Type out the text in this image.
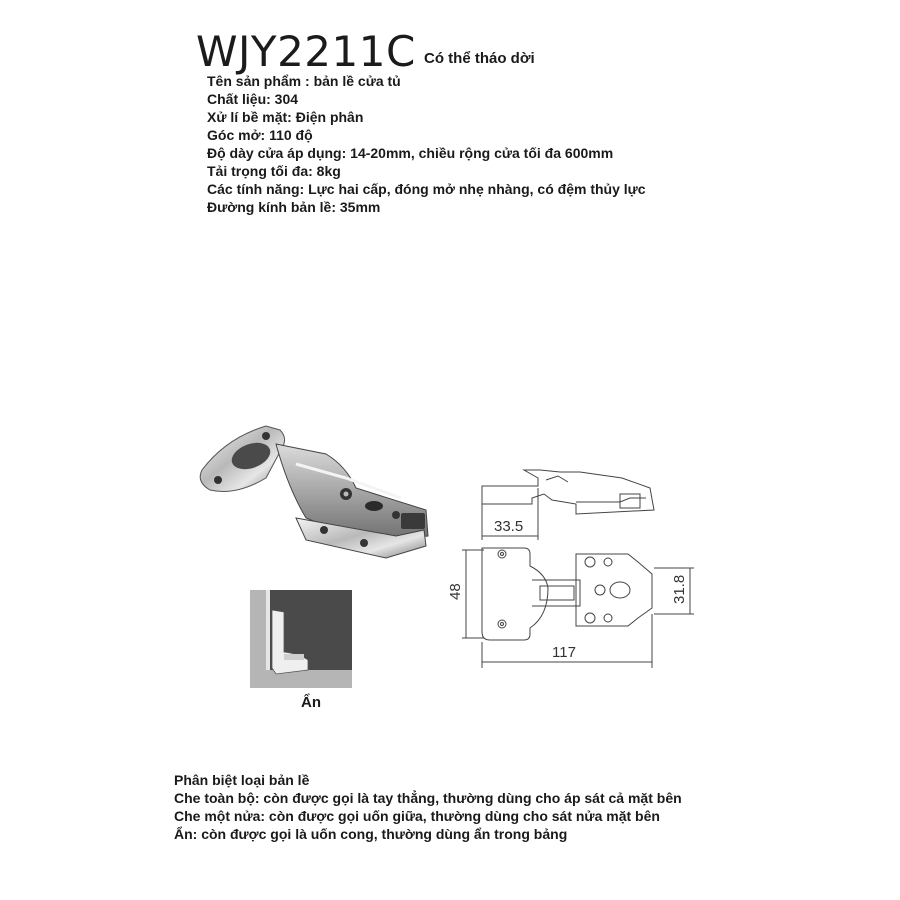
WJY2211C Có thể tháo dời
Tên sản phẩm : bản lề cửa tủ
Chất liệu: 304
Xử lí bề mặt: Điện phân
Góc mở: 110 độ
Độ dày cửa áp dụng: 14-20mm, chiều rộng cửa tối đa 600mm
Tải trọng tối đa: 8kg
Các tính năng: Lực hai cấp, đóng mở nhẹ nhàng, có đệm thủy lực
Đường kính bản lề: 35mm
33.5
48	31.8
117
Ẩn
Phân biệt loại bản lề
Che toàn bộ: còn được gọi là tay thẳng, thường dùng cho áp sát cả mặt bên
Che một nửa: còn được gọi uốn giữa, thường dùng cho sát nửa mặt bên
Ẩn: còn được gọi là uốn cong, thường dùng ẩn trong bảng
